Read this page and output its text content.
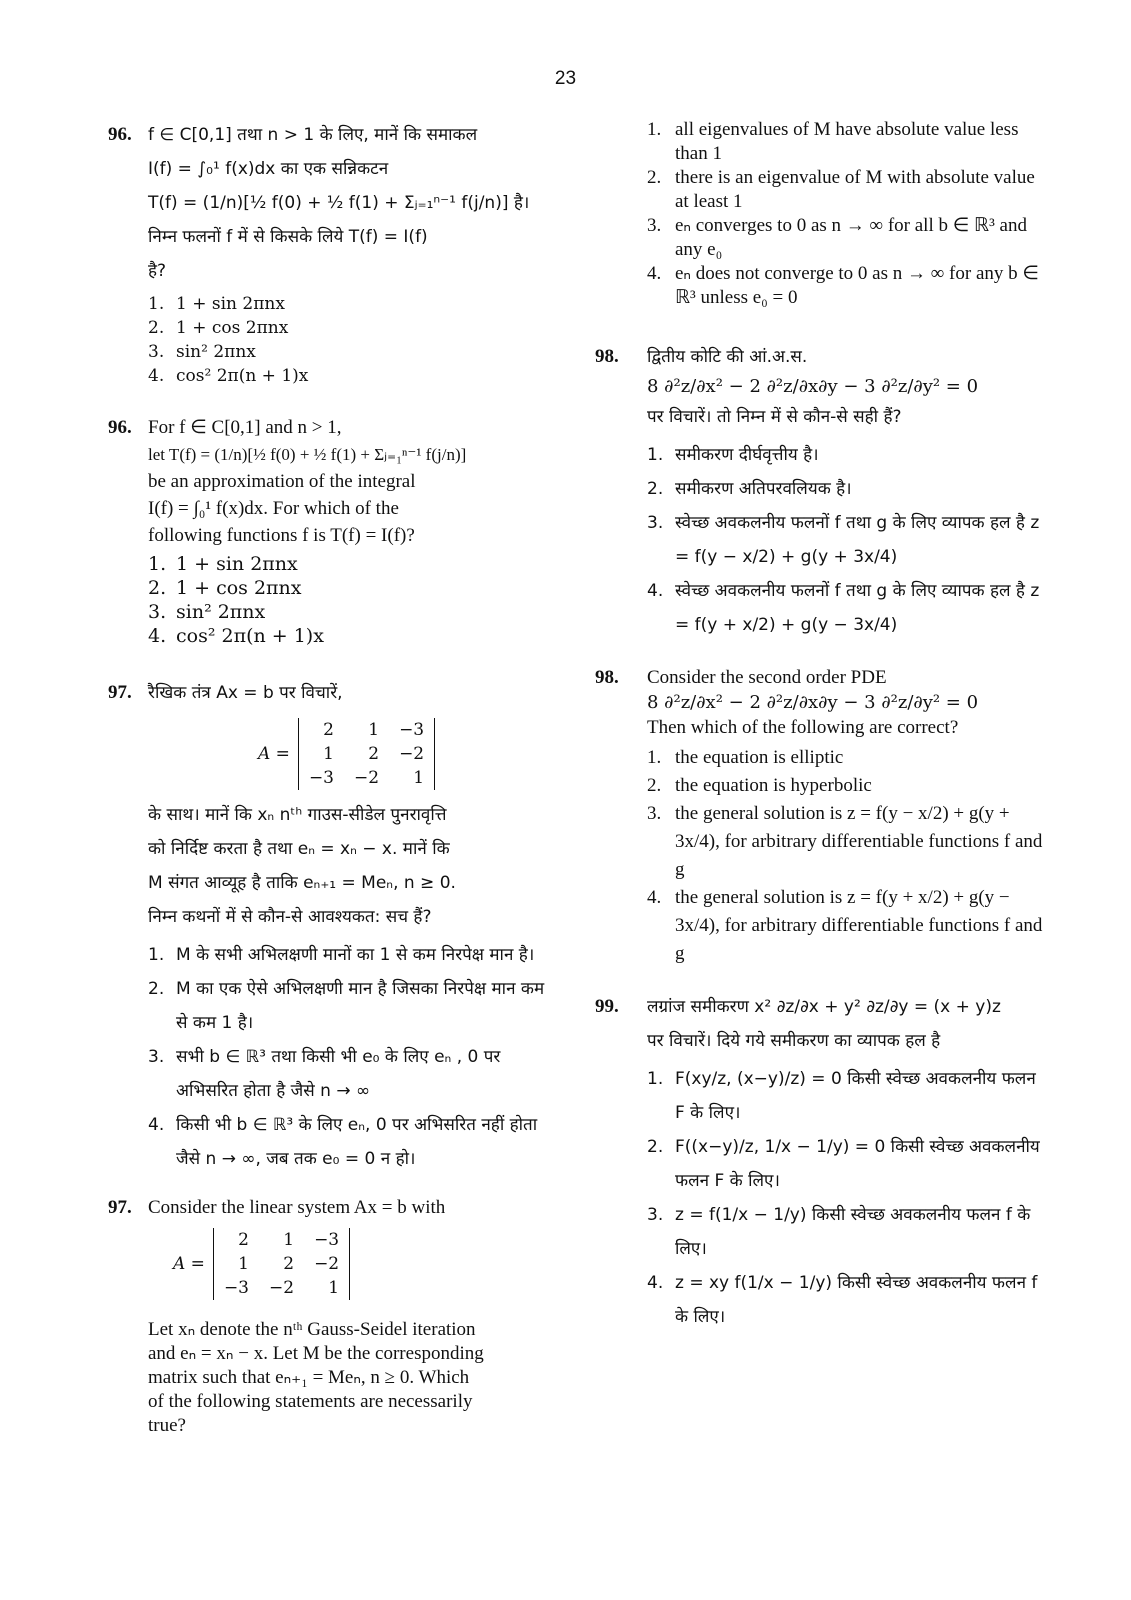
23
96. f ∈ C[0,1] तथा n > 1 के लिए, मानें कि समाकल

I(f) = ∫₀¹ f(x)dx का एक सन्निकटन

T(f) = (1/n)[½ f(0) + ½ f(1) + Σⱼ₌₁ⁿ⁻¹ f(j/n)] है।

निम्न फलनों f में से किसके लिये T(f) = I(f)

है?

1. 1 + sin 2πnx
2. 1 + cos 2πnx
3. sin² 2πnx
4. cos² 2π(n + 1)x
96. For f ∈ C[0,1] and n > 1,

let T(f) = (1/n)[½ f(0) + ½ f(1) + Σⱼ₌₁ⁿ⁻¹ f(j/n)]

be an approximation of the integral

I(f) = ∫₀¹ f(x)dx. For which of the

following functions f is T(f) = I(f)?

1. 1 + sin 2πnx
2. 1 + cos 2πnx
3. sin² 2πnx
4. cos² 2π(n + 1)x
97. रैखिक तंत्र Ax = b पर विचारें,

A =
2	1	−3
1	2	−2
−3	−2	1

के साथ। मानें कि xₙ nᵗʰ गाउस-सीडेल पुनरावृत्ति

को निर्दिष्ट करता है तथा eₙ = xₙ − x. मानें कि

M संगत आव्यूह है ताकि eₙ₊₁ = Meₙ, n ≥ 0.

निम्न कथनों में से कौन-से आवश्यकत: सच हैं?

1. M के सभी अभिलक्षणी मानों का 1 से कम निरपेक्ष मान है।
2. M का एक ऐसे अभिलक्षणी मान है जिसका निरपेक्ष मान कम से कम 1 है।
3. सभी b ∈ ℝ³ तथा किसी भी e₀ के लिए eₙ , 0 पर अभिसरित होता है जैसे n → ∞
4. किसी भी b ∈ ℝ³ के लिए eₙ, 0 पर अभिसरित नहीं होता जैसे n → ∞, जब तक e₀ = 0 न हो।
97. Consider the linear system Ax = b with

A =
2	1	−3
1	2	−2
−3	−2	1

Let xₙ denote the nᵗʰ Gauss-Seidel iteration

and eₙ = xₙ − x. Let M be the corresponding

matrix such that eₙ₊₁ = Meₙ, n ≥ 0. Which

of the following statements are necessarily

true?

1. all eigenvalues of M have absolute value less than 1
2. there is an eigenvalue of M with absolute value at least 1
3. eₙ converges to 0 as n → ∞ for all b ∈ ℝ³ and any e₀
4. eₙ does not converge to 0 as n → ∞ for any b ∈ ℝ³ unless e₀ = 0
98. द्वितीय कोटि की आं.अ.स.

8 ∂²z/∂x² − 2 ∂²z/∂x∂y − 3 ∂²z/∂y² = 0

पर विचारें। तो निम्न में से कौन-से सही हैं?

1. समीकरण दीर्घवृत्तीय है।
2. समीकरण अतिपरवलियक है।
3. स्वेच्छ अवकलनीय फलनों f तथा g के लिए व्यापक हल है z = f(y − x/2) + g(y + 3x/4)
4. स्वेच्छ अवकलनीय फलनों f तथा g के लिए व्यापक हल है z = f(y + x/2) + g(y − 3x/4)
98. Consider the second order PDE

8 ∂²z/∂x² − 2 ∂²z/∂x∂y − 3 ∂²z/∂y² = 0

Then which of the following are correct?

1. the equation is elliptic
2. the equation is hyperbolic
3. the general solution is z = f(y − x/2) + g(y + 3x/4), for arbitrary differentiable functions f and g
4. the general solution is z = f(y + x/2) + g(y − 3x/4), for arbitrary differentiable functions f and g
99. लग्रांज समीकरण x² ∂z/∂x + y² ∂z/∂y = (x + y)z

पर विचारें। दिये गये समीकरण का व्यापक हल है

1. F(xy/z, (x−y)/z) = 0 किसी स्वेच्छ अवकलनीय फलन F के लिए।
2. F((x−y)/z, 1/x − 1/y) = 0 किसी स्वेच्छ अवकलनीय फलन F के लिए।
3. z = f(1/x − 1/y) किसी स्वेच्छ अवकलनीय फलन f के लिए।
4. z = xy f(1/x − 1/y) किसी स्वेच्छ अवकलनीय फलन f के लिए।
